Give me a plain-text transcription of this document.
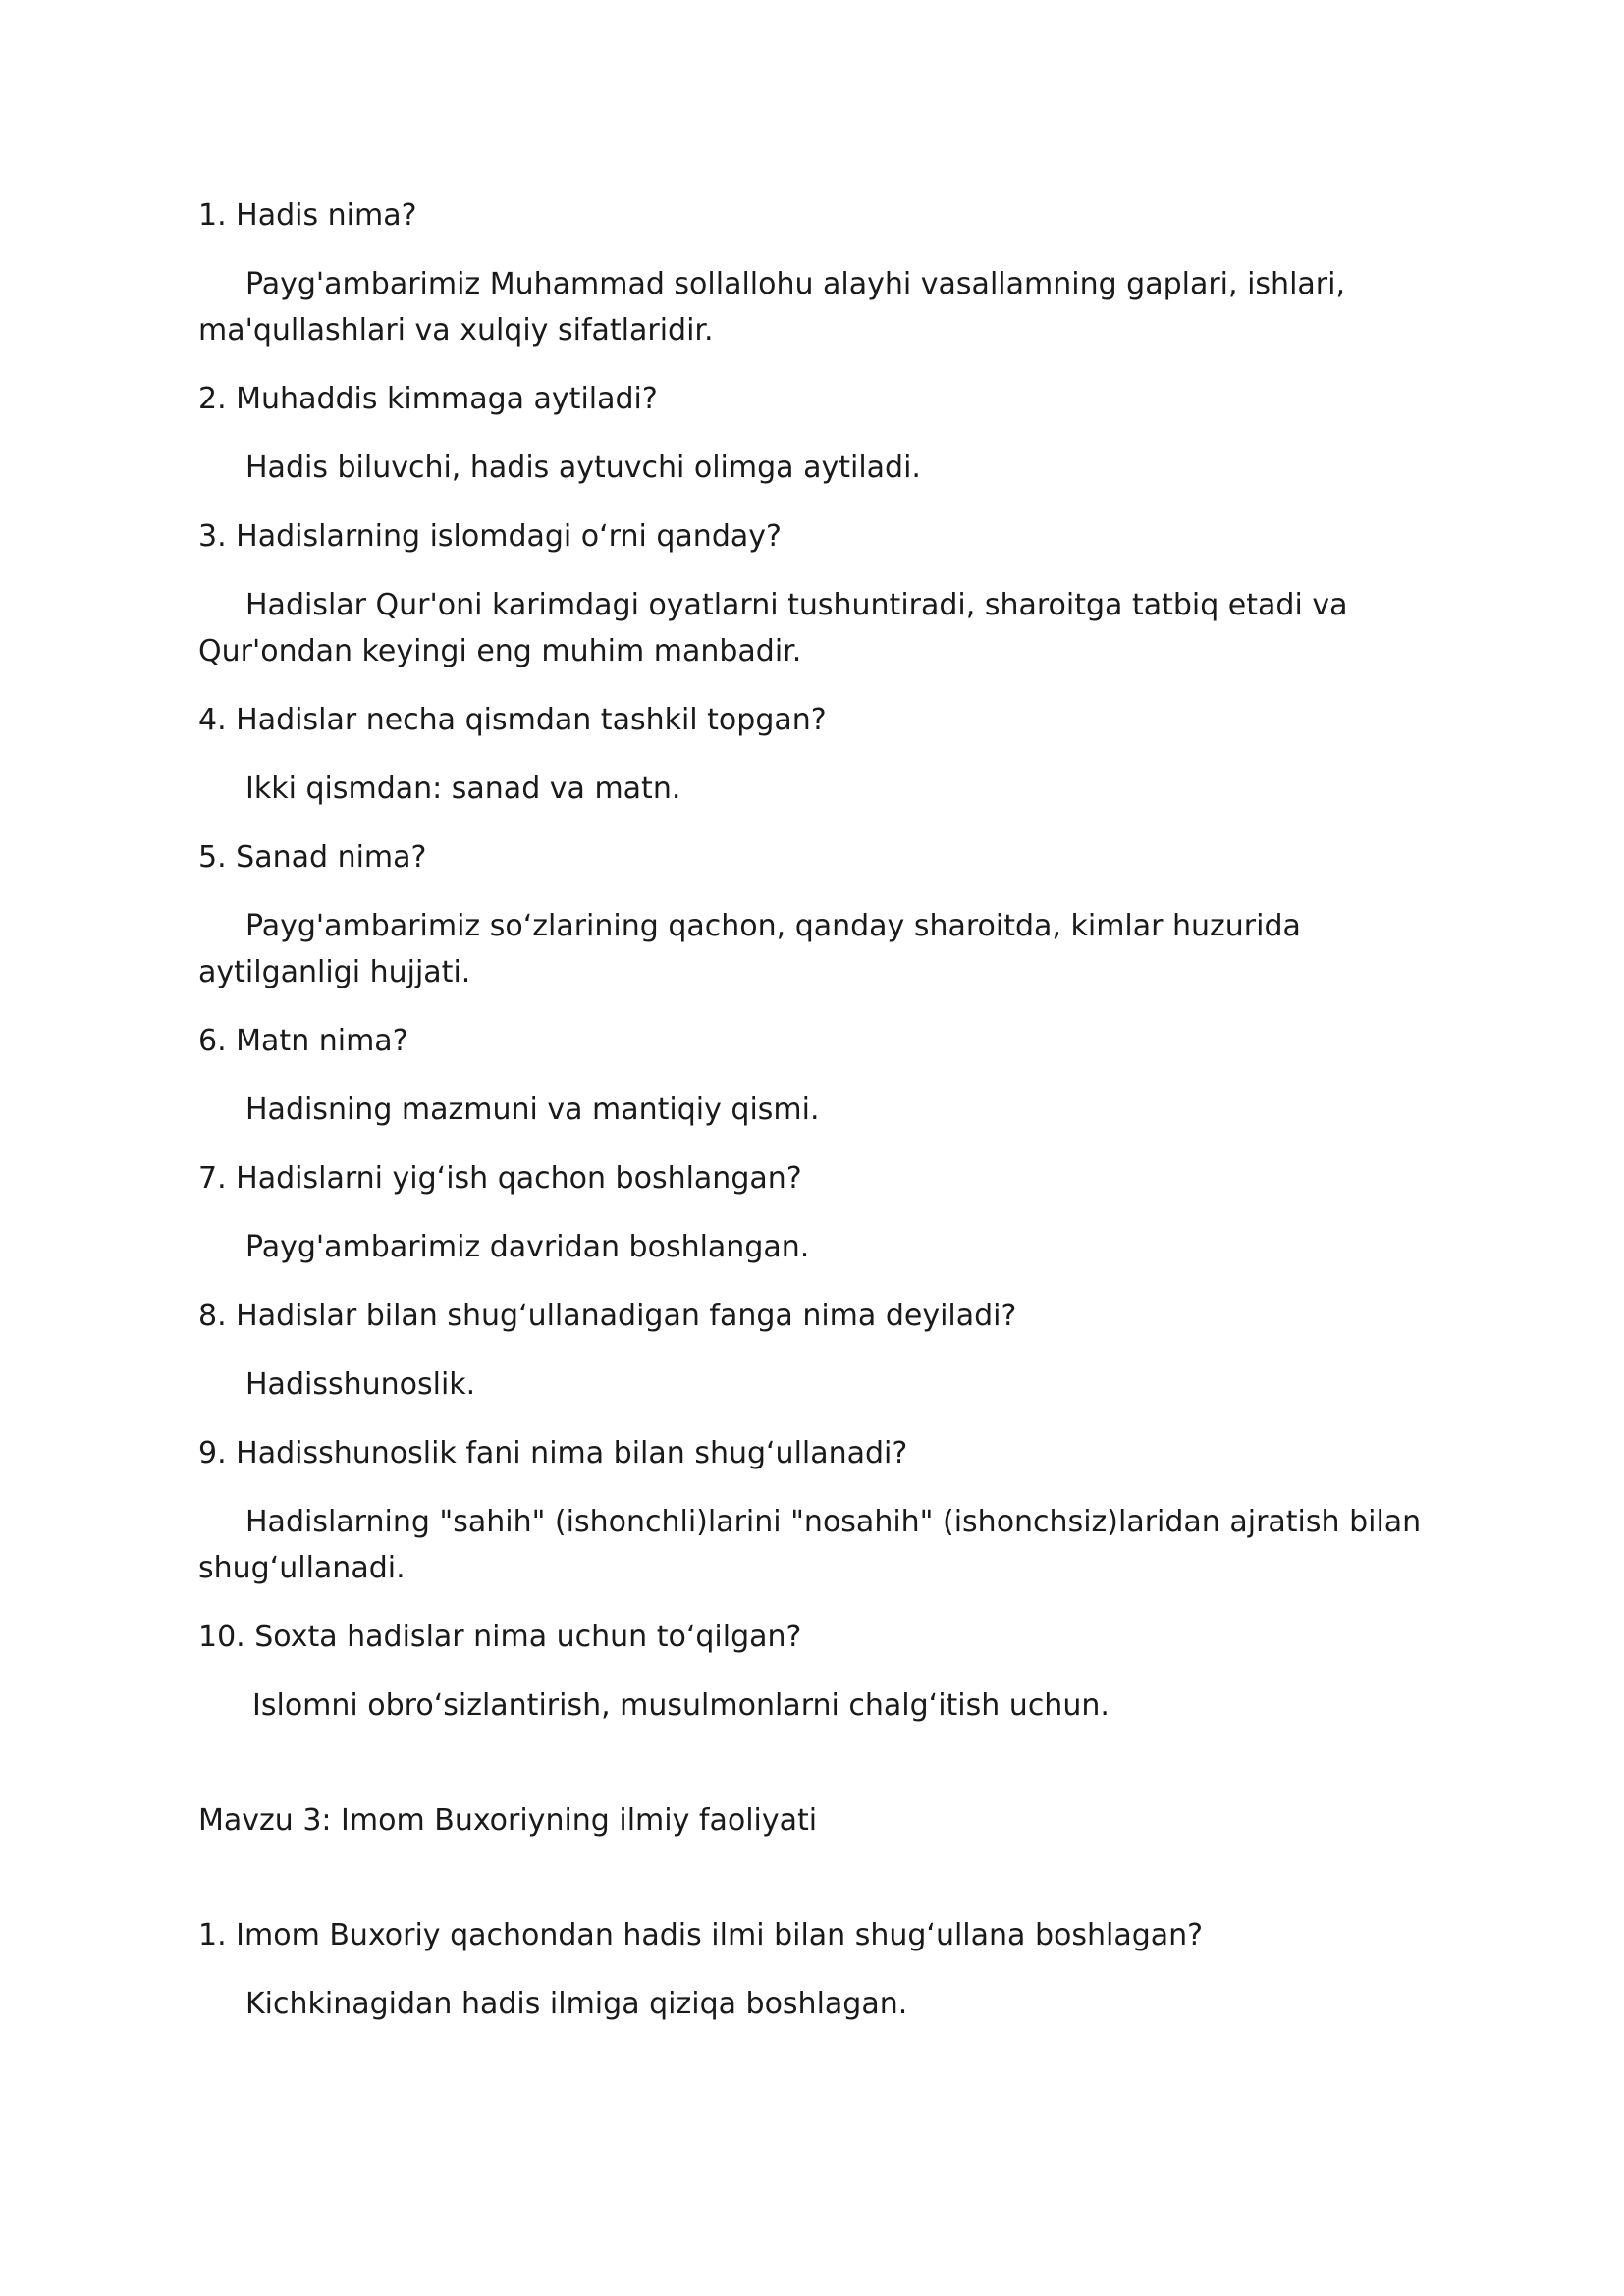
1. Hadis nima?

Payg'ambarimiz Muhammad sollallohu alayhi vasallamning gaplari, ishlari, ma'qullashlari va xulqiy sifatlaridir.

2. Muhaddis kimmaga aytiladi?

Hadis biluvchi, hadis aytuvchi olimga aytiladi.

3. Hadislarning islomdagi o‘rni qanday?

Hadislar Qur'oni karimdagi oyatlarni tushuntiradi, sharoitga tatbiq etadi va Qur'ondan keyingi eng muhim manbadir.

4. Hadislar necha qismdan tashkil topgan?

Ikki qismdan: sanad va matn.

5. Sanad nima?

Payg'ambarimiz so‘zlarining qachon, qanday sharoitda, kimlar huzurida aytilganligi hujjati.

6. Matn nima?

Hadisning mazmuni va mantiqiy qismi.

7. Hadislarni yig‘ish qachon boshlangan?

Payg'ambarimiz davridan boshlangan.

8. Hadislar bilan shug‘ullanadigan fanga nima deyiladi?

Hadisshunoslik.

9. Hadisshunoslik fani nima bilan shug‘ullanadi?

Hadislarning "sahih" (ishonchli)larini "nosahih" (ishonchsiz)laridan ajratish bilan shug‘ullanadi.

10. Soxta hadislar nima uchun to‘qilgan?

Islomni obro‘sizlantirish, musulmonlarni chalg‘itish uchun.

Mavzu 3: Imom Buxoriyning ilmiy faoliyati

1. Imom Buxoriy qachondan hadis ilmi bilan shug‘ullana boshlagan?

Kichkinagidan hadis ilmiga qiziqa boshlagan.
